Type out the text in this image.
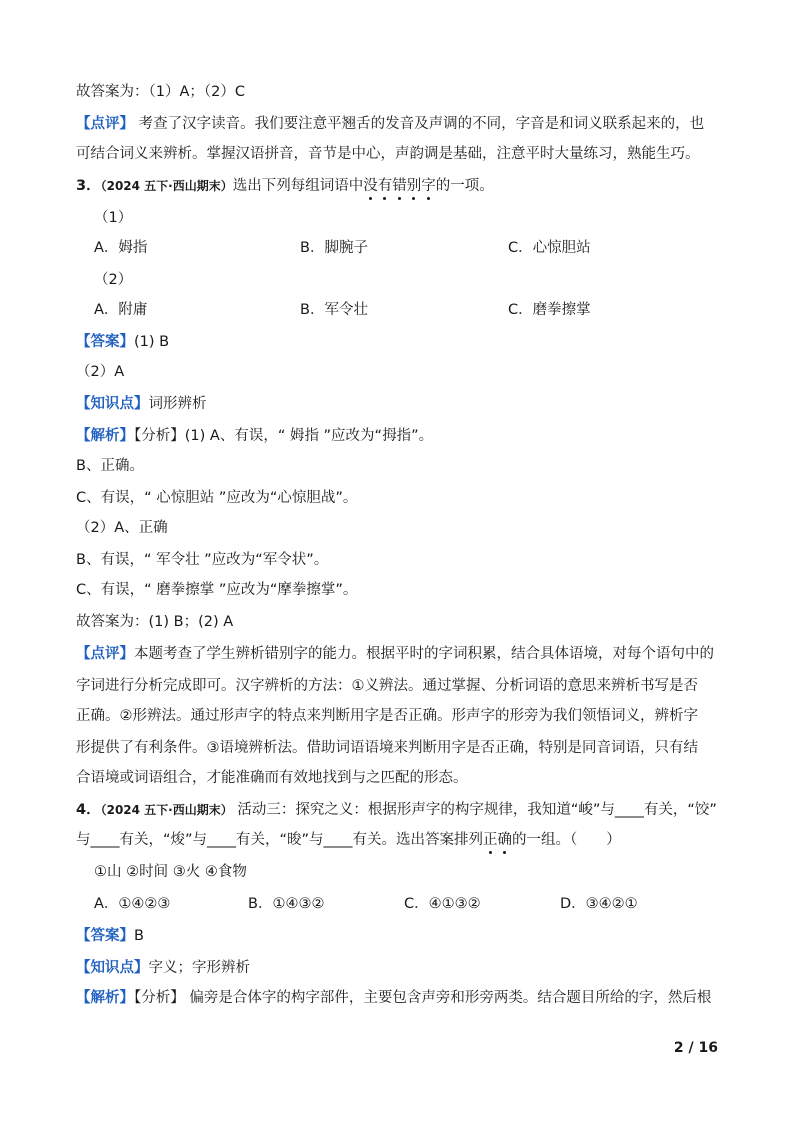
故答案为：（1）A；（2）C
【点评】 考查了汉字读音。我们要注意平翘舌的发音及声调的不同，字音是和词义联系起来的，也
可结合词义来辨析。掌握汉语拼音，音节是中心，声韵调是基础，注意平时大量练习，熟能生巧。
3．（2024 五下·西山期末）选出下列每组词语中没有错别字的一项。
（1）
A．姆指	B．脚腕子	C．心惊胆站
（2）
A．附庸	B．军令壮	C．磨拳擦掌
【答案】(1) B
（2）A
【知识点】词形辨析
【解析】【分析】(1) A、有误，“ 姆指 ”应改为“拇指”。
B、正确。
C、有误，“ 心惊胆站 ”应改为“心惊胆战”。
（2）A、正确
B、有误，“ 军令壮 ”应改为“军令状”。
C、有误，“ 磨拳擦掌 ”应改为“摩拳擦掌”。
故答案为：(1) B；(2) A
【点评】本题考查了学生辨析错别字的能力。根据平时的字词积累，结合具体语境，对每个语句中的
字词进行分析完成即可。汉字辨析的方法：①义辨法。通过掌握、分析词语的意思来辨析书写是否
正确。②形辨法。通过形声字的特点来判断用字是否正确。形声字的形旁为我们领悟词义，辨析字
形提供了有利条件。③语境辨析法。借助词语语境来判断用字是否正确，特别是同音词语，只有结
合语境或词语组合，才能准确而有效地找到与之匹配的形态。
4．（2024 五下·西山期末） 活动三：探究之义：根据形声字的构字规律，我知道“峻”与____有关，“饺”
与____有关，“焌”与____有关，“晙”与____有关。选出答案排列正确的一组。（　　）
①山 ②时间 ③火 ④食物
A．①④②③	B．①④③②	C．④①③②	D．③④②①
【答案】B
【知识点】字义；字形辨析
【解析】【分析】 偏旁是合体字的构字部件，主要包含声旁和形旁两类。结合题目所给的字，然后根
2 / 16
